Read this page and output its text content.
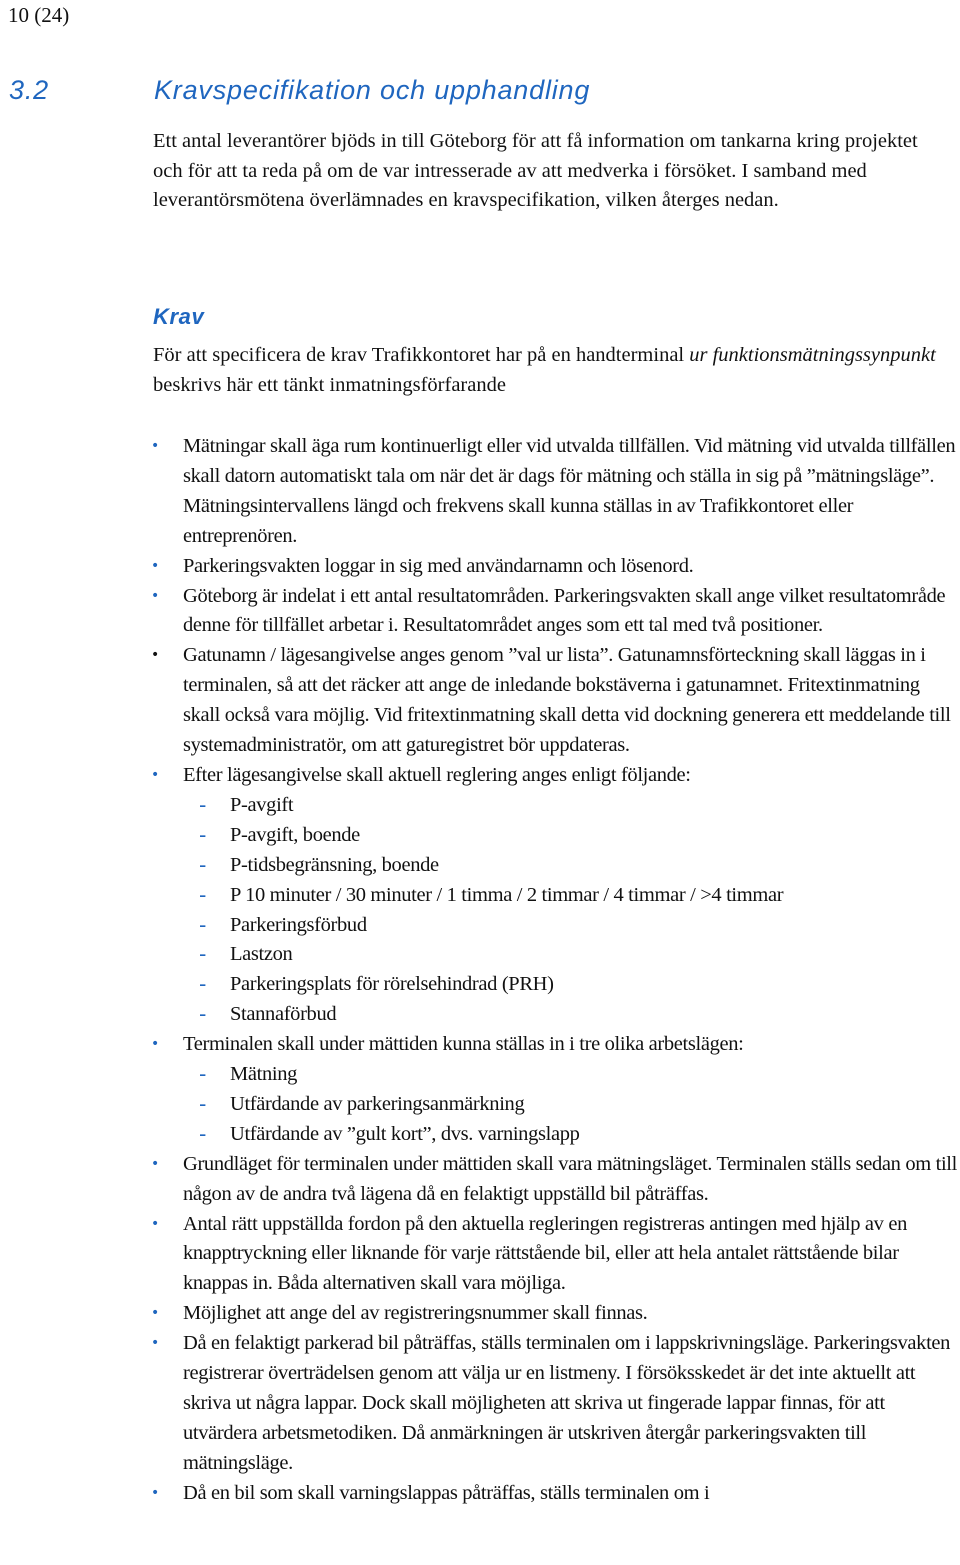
10 (24)
3.2	Kravspecifikation och upphandling

Ett antal leverantörer bjöds in till Göteborg för att få information om tankarna kring projektet och för att ta reda på om de var intresserade av att medverka i försöket. I samband med leverantörsmötena överlämnades en kravspecifikation, vilken återges nedan.

Krav

För att specificera de krav Trafikkontoret har på en handterminal ur funktionsmätningssynpunkt beskrivs här ett tänkt inmatningsförfarande

• Mätningar skall äga rum kontinuerligt eller vid utvalda tillfällen. Vid mätning vid utvalda tillfällen skall datorn automatiskt tala om när det är dags för mätning och ställa in sig på ”mätningsläge”. Mätningsintervallens längd och frekvens skall kunna ställas in av Trafikkontoret eller entreprenören.
• Parkeringsvakten loggar in sig med användarnamn och lösenord.
• Göteborg är indelat i ett antal resultatområden. Parkeringsvakten skall ange vilket resultatområde denne för tillfället arbetar i. Resultatområdet anges som ett tal med två positioner.
• Gatunamn / lägesangivelse anges genom ”val ur lista”. Gatunamnsförteckning skall läggas in i terminalen, så att det räcker att ange de inledande bokstäverna i gatunamnet. Fritextinmatning skall också vara möjlig. Vid fritextinmatning skall detta vid dockning generera ett meddelande till systemadministratör, om att gaturegistret bör uppdateras.
• Efter lägesangivelse skall aktuell reglering anges enligt följande:
- P-avgift
- P-avgift, boende
- P-tidsbegränsning, boende
- P 10 minuter / 30 minuter / 1 timma / 2 timmar / 4 timmar / >4 timmar
- Parkeringsförbud
- Lastzon
- Parkeringsplats för rörelsehindrad (PRH)
- Stannaförbud
• Terminalen skall under mättiden kunna ställas in i tre olika arbetslägen:
- Mätning
- Utfärdande av parkeringsanmärkning
- Utfärdande av ”gult kort”, dvs. varningslapp
• Grundläget för terminalen under mättiden skall vara mätningsläget. Terminalen ställs sedan om till någon av de andra två lägena då en felaktigt uppställd bil påträffas.
• Antal rätt uppställda fordon på den aktuella regleringen registreras antingen med hjälp av en knapptryckning eller liknande för varje rättstående bil, eller att hela antalet rättstående bilar knappas in. Båda alternativen skall vara möjliga.
• Möjlighet att ange del av registreringsnummer skall finnas.
• Då en felaktigt parkerad bil påträffas, ställs terminalen om i lappskrivningsläge. Parkeringsvakten registrerar överträdelsen genom att välja ur en listmeny. I försöksskedet är det inte aktuellt att skriva ut några lappar. Dock skall möjligheten att skriva ut fingerade lappar finnas, för att utvärdera arbetsmetodiken. Då anmärkningen är utskriven återgår parkeringsvakten till mätningsläge.
• Då en bil som skall varningslappas påträffas, ställs terminalen om i
